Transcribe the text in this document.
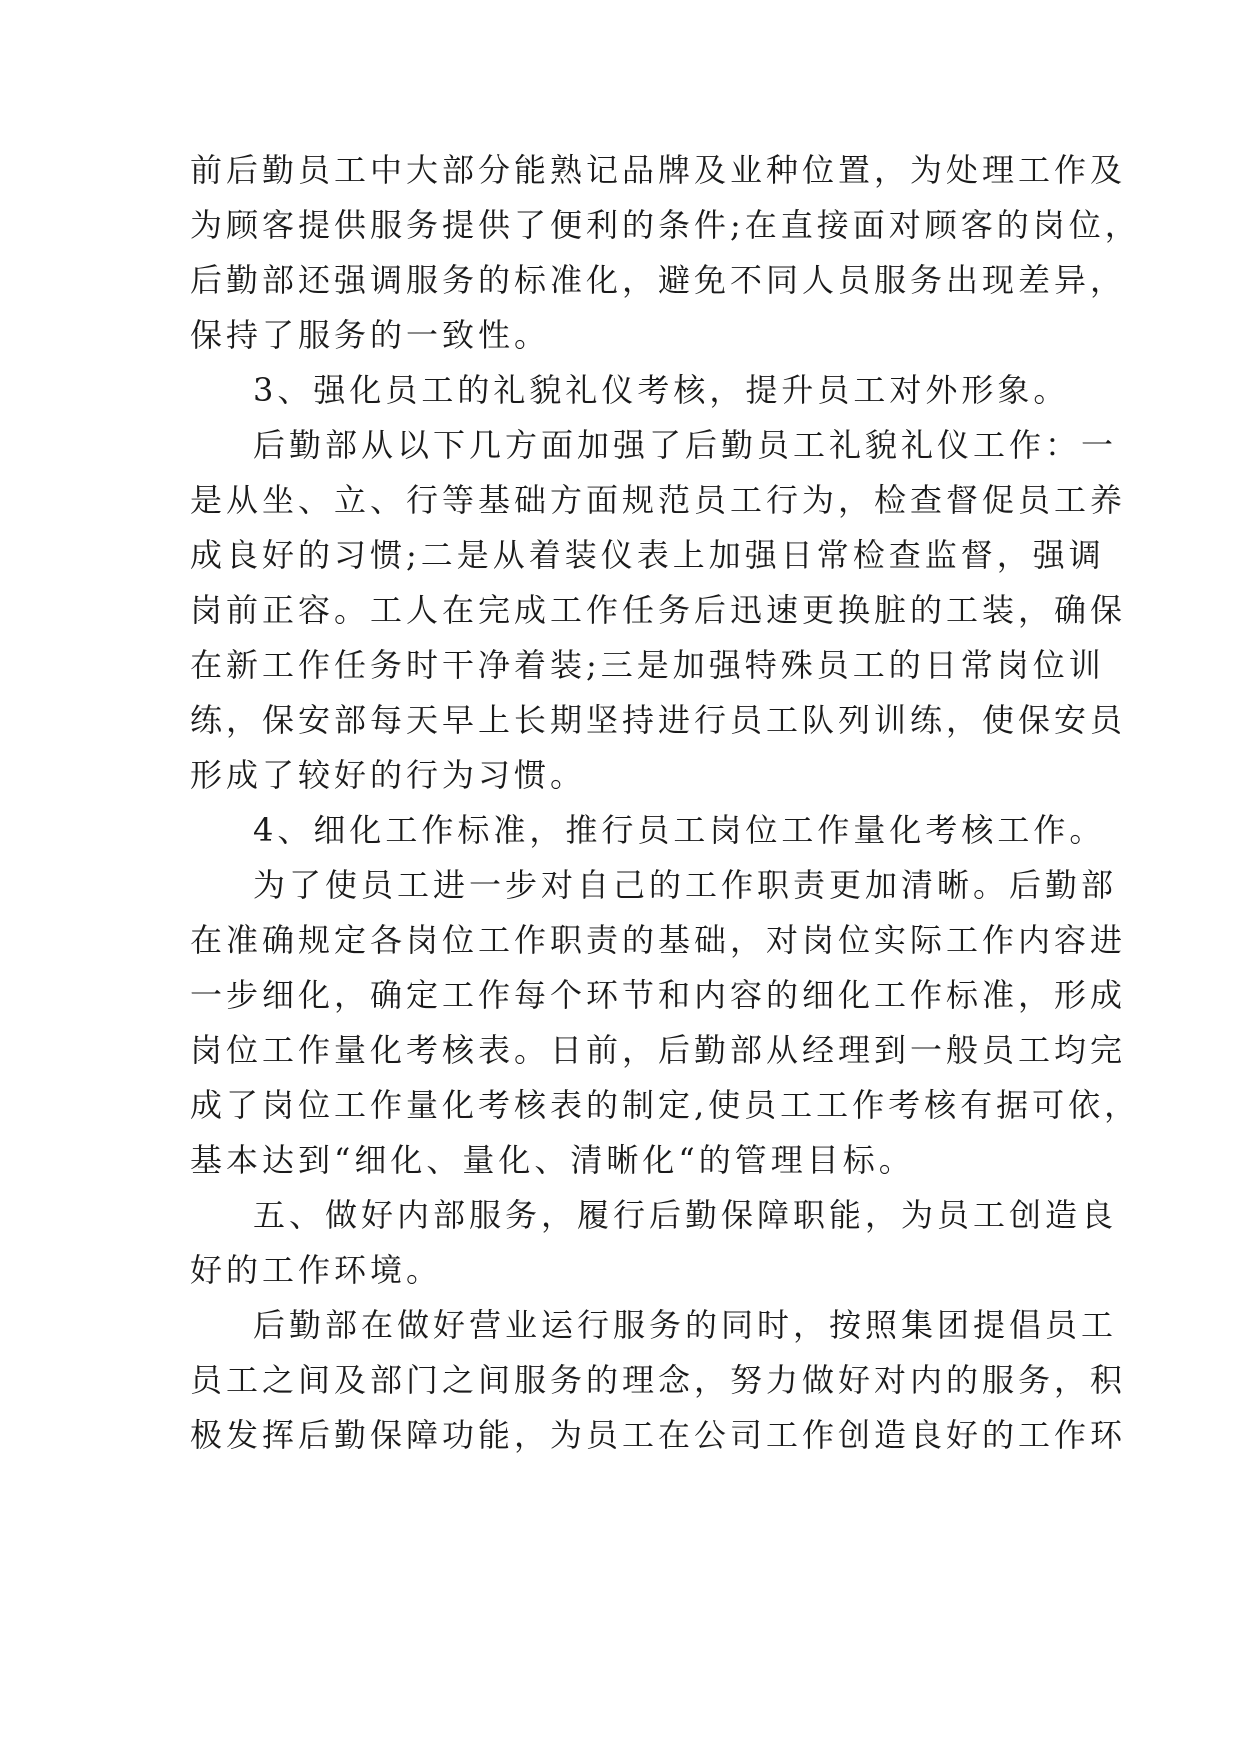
前后勤员工中大部分能熟记品牌及业种位置，为处理工作及
为顾客提供服务提供了便利的条件;在直接面对顾客的岗位，
后勤部还强调服务的标准化，避免不同人员服务出现差异，
保持了服务的一致性。
3、强化员工的礼貌礼仪考核，提升员工对外形象。
后勤部从以下几方面加强了后勤员工礼貌礼仪工作：一
是从坐、立、行等基础方面规范员工行为，检查督促员工养
成良好的习惯;二是从着装仪表上加强日常检查监督，强调
岗前正容。工人在完成工作任务后迅速更换脏的工装，确保
在新工作任务时干净着装;三是加强特殊员工的日常岗位训
练，保安部每天早上长期坚持进行员工队列训练，使保安员
形成了较好的行为习惯。
4、细化工作标准，推行员工岗位工作量化考核工作。
为了使员工进一步对自己的工作职责更加清晰。后勤部
在准确规定各岗位工作职责的基础，对岗位实际工作内容进
一步细化，确定工作每个环节和内容的细化工作标准，形成
岗位工作量化考核表。日前，后勤部从经理到一般员工均完
成了岗位工作量化考核表的制定,使员工工作考核有据可依，
基本达到“细化、量化、清晰化“的管理目标。
五、做好内部服务，履行后勤保障职能，为员工创造良
好的工作环境。
后勤部在做好营业运行服务的同时，按照集团提倡员工
员工之间及部门之间服务的理念，努力做好对内的服务，积
极发挥后勤保障功能，为员工在公司工作创造良好的工作环
